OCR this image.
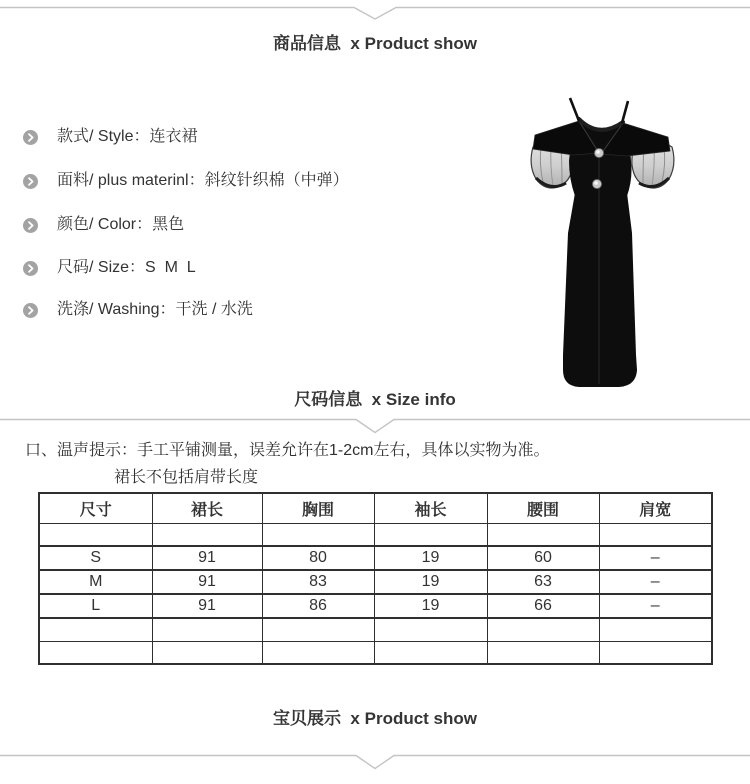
商品信息  x Product show
款式/ Style：连衣裙
面料/ plus materinl：斜纹针织棉（中弹）
颜色/ Color：黑色
尺码/ Size：S  M  L
洗涤/ Washing：干洗 / 水洗
尺码信息  x Size info
口、温声提示：手工平铺测量，误差允许在1-2cm左右，具体以实物为准。
裙长不包括肩带长度
尺寸	裙长	胸围	袖长	腰围	肩宽

S	91	80	19	60	–
M	91	83	19	63	–
L	91	86	19	66	–

宝贝展示  x Product show
